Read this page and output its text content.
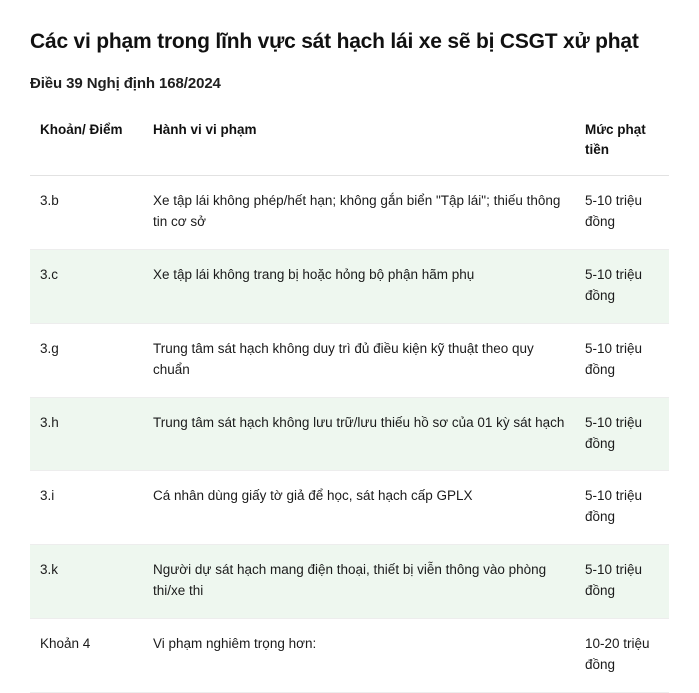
Các vi phạm trong lĩnh vực sát hạch lái xe sẽ bị CSGT xử phạt
Điều 39 Nghị định 168/2024
Khoản/ Điểm	Hành vi vi phạm	Mức phạt tiền
3.b	Xe tập lái không phép/hết hạn; không gắn biển "Tập lái"; thiếu thông tin cơ sở	5-10 triệu đồng
3.c	Xe tập lái không trang bị hoặc hỏng bộ phận hãm phụ	5-10 triệu đồng
3.g	Trung tâm sát hạch không duy trì đủ điều kiện kỹ thuật theo quy chuẩn	5-10 triệu đồng
3.h	Trung tâm sát hạch không lưu trữ/lưu thiếu hồ sơ của 01 kỳ sát hạch	5-10 triệu đồng
3.i	Cá nhân dùng giấy tờ giả để học, sát hạch cấp GPLX	5-10 triệu đồng
3.k	Người dự sát hạch mang điện thoại, thiết bị viễn thông vào phòng thi/xe thi	5-10 triệu đồng
Khoản 4	Vi phạm nghiêm trọng hơn:	10-20 triệu đồng
